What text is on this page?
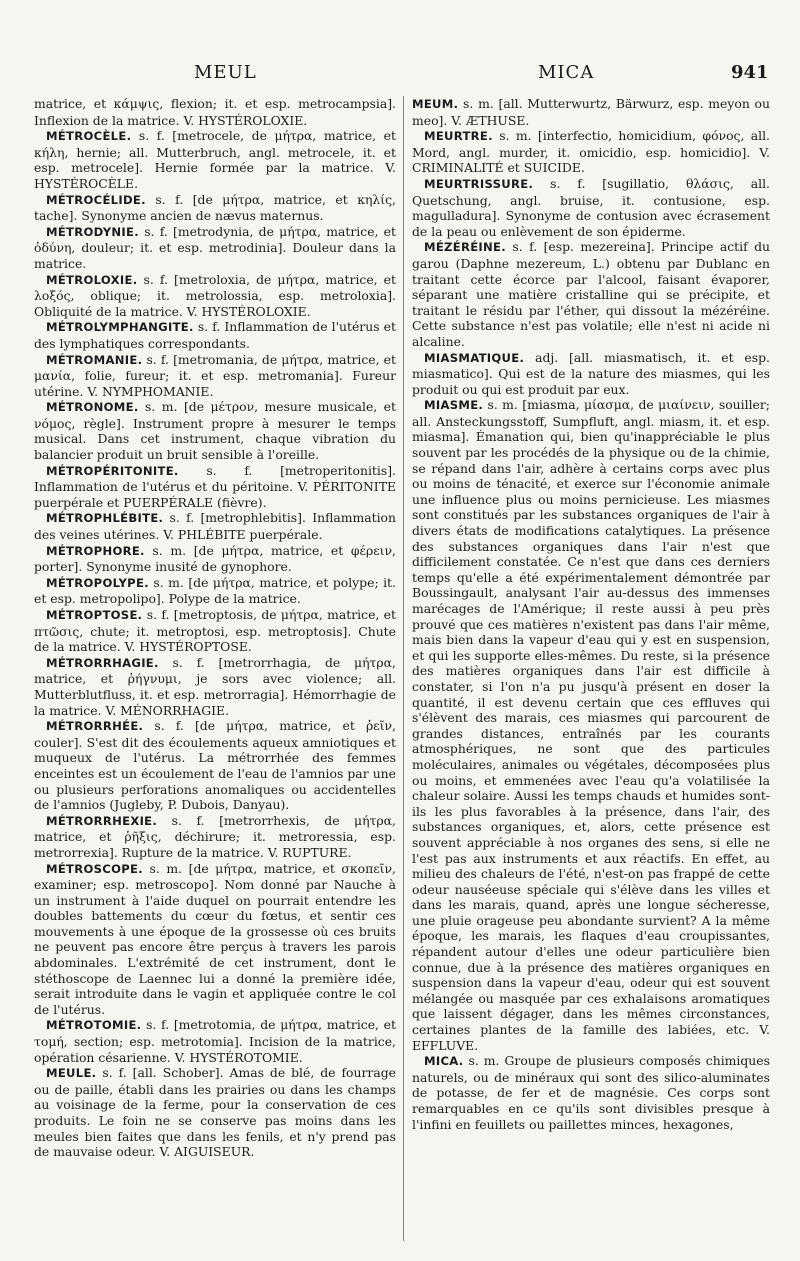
MEUL	MICA	941

matrice, et κάμψις, flexion; it. et esp. metrocampsia]. Inflexion de la matrice. V. HYSTÉROLOXIE.

MÉTROCÈLE. s. f. [metrocele, de μήτρα, matrice, et κήλη, hernie; all. Mutterbruch, angl. metrocele, it. et esp. metrocele]. Hernie formée par la matrice. V. HYSTÉROCÈLE.

MÉTROCÉLIDE. s. f. [de μήτρα, matrice, et κηλίς, tache]. Synonyme ancien de nævus maternus.

MÉTRODYNIE. s. f. [metrodynia, de μήτρα, matrice, et ὀδύνη, douleur; it. et esp. metrodinia]. Douleur dans la matrice.

MÉTROLOXIE. s. f. [metroloxia, de μήτρα, matrice, et λοξός, oblique; it. metrolossia, esp. metroloxia]. Obliquité de la matrice. V. HYSTÉROLOXIE.

MÉTROLYMPHANGITE. s. f. Inflammation de l'utérus et des lymphatiques correspondants.

MÉTROMANIE. s. f. [metromania, de μήτρα, matrice, et μανία, folie, fureur; it. et esp. metromania]. Fureur utérine. V. NYMPHOMANIE.

MÉTRONOME. s. m. [de μέτρον, mesure musicale, et νόμος, règle]. Instrument propre à mesurer le temps musical. Dans cet instrument, chaque vibration du balancier produit un bruit sensible à l'oreille.

MÉTROPÉRITONITE. s. f. [metroperitonitis]. Inflammation de l'utérus et du péritoine. V. PÉRITONITE puerpérale et PUERPÉRALE (fièvre).

MÉTROPHLÉBITE. s. f. [metrophlebitis]. Inflammation des veines utérines. V. PHLÉBITE puerpérale.

MÉTROPHORE. s. m. [de μήτρα, matrice, et φέρειν, porter]. Synonyme inusité de gynophore.

MÉTROPOLYPE. s. m. [de μήτρα, matrice, et polype; it. et esp. metropolipo]. Polype de la matrice.

MÉTROPTOSE. s. f. [metroptosis, de μήτρα, matrice, et πτῶσις, chute; it. metroptosi, esp. metroptosis]. Chute de la matrice. V. HYSTÉROPTOSE.

MÉTRORRHAGIE. s. f. [metrorrhagia, de μήτρα, matrice, et ῥήγνυμι, je sors avec violence; all. Mutterblutfluss, it. et esp. metrorragia]. Hémorrhagie de la matrice. V. MÉNORRHAGIE.

MÉTRORRHÉE. s. f. [de μήτρα, matrice, et ῥεῖν, couler]. S'est dit des écoulements aqueux amniotiques et muqueux de l'utérus. La métrorrhée des femmes enceintes est un écoulement de l'eau de l'amnios par une ou plusieurs perforations anomaliques ou accidentelles de l'amnios (Jugleby, P. Dubois, Danyau).

MÉTRORRHEXIE. s. f. [metrorrhexis, de μήτρα, matrice, et ῥῆξις, déchirure; it. metroressia, esp. metrorrexia]. Rupture de la matrice. V. RUPTURE.

MÉTROSCOPE. s. m. [de μήτρα, matrice, et σκοπεῖν, examiner; esp. metroscopo]. Nom donné par Nauche à un instrument à l'aide duquel on pourrait entendre les doubles battements du cœur du fœtus, et sentir ces mouvements à une époque de la grossesse où ces bruits ne peuvent pas encore être perçus à travers les parois abdominales. L'extrémité de cet instrument, dont le stéthoscope de Laennec lui a donné la première idée, serait introduite dans le vagin et appliquée contre le col de l'utérus.

MÉTROTOMIE. s. f. [metrotomia, de μήτρα, matrice, et τομή, section; esp. metrotomia]. Incision de la matrice, opération césarienne. V. HYSTÉROTOMIE.

MEULE. s. f. [all. Schober]. Amas de blé, de fourrage ou de paille, établi dans les prairies ou dans les champs au voisinage de la ferme, pour la conservation de ces produits. Le foin ne se conserve pas moins dans les meules bien faites que dans les fenils, et n'y prend pas de mauvaise odeur. V. AIGUISEUR.

MEUM. s. m. [all. Mutterwurtz, Bärwurz, esp. meyon ou meo]. V. ÆTHUSE.

MEURTRE. s. m. [interfectio, homicidium, φόνος, all. Mord, angl. murder, it. omicidio, esp. homicidio]. V. CRIMINALITÉ et SUICIDE.

MEURTRISSURE. s. f. [sugillatio, θλάσις, all. Quetschung, angl. bruise, it. contusione, esp. magulladura]. Synonyme de contusion avec écrasement de la peau ou enlèvement de son épiderme.

MÉZÉRÉINE. s. f. [esp. mezereina]. Principe actif du garou (Daphne mezereum, L.) obtenu par Dublanc en traitant cette écorce par l'alcool, faisant évaporer, séparant une matière cristalline qui se précipite, et traitant le résidu par l'éther, qui dissout la mézéréine. Cette substance n'est pas volatile; elle n'est ni acide ni alcaline.

MIASMATIQUE. adj. [all. miasmatisch, it. et esp. miasmatico]. Qui est de la nature des miasmes, qui les produit ou qui est produit par eux.

MIASME. s. m. [miasma, μίασμα, de μιαίνειν, souiller; all. Ansteckungsstoff, Sumpfluft, angl. miasm, it. et esp. miasma]. Émanation qui, bien qu'inappréciable le plus souvent par les procédés de la physique ou de la chimie, se répand dans l'air, adhère à certains corps avec plus ou moins de ténacité, et exerce sur l'économie animale une influence plus ou moins pernicieuse. Les miasmes sont constitués par les substances organiques de l'air à divers états de modifications catalytiques. La présence des substances organiques dans l'air n'est que difficilement constatée. Ce n'est que dans ces derniers temps qu'elle a été expérimentalement démontrée par Boussingault, analysant l'air au-dessus des immenses marécages de l'Amérique; il reste aussi à peu près prouvé que ces matières n'existent pas dans l'air même, mais bien dans la vapeur d'eau qui y est en suspension, et qui les supporte elles-mêmes. Du reste, si la présence des matières organiques dans l'air est difficile à constater, si l'on n'a pu jusqu'à présent en doser la quantité, il est devenu certain que ces effluves qui s'élèvent des marais, ces miasmes qui parcourent de grandes distances, entraînés par les courants atmosphériques, ne sont que des particules moléculaires, animales ou végétales, décomposées plus ou moins, et emmenées avec l'eau qu'a volatilisée la chaleur solaire. Aussi les temps chauds et humides sont-ils les plus favorables à la présence, dans l'air, des substances organiques, et, alors, cette présence est souvent appréciable à nos organes des sens, si elle ne l'est pas aux instruments et aux réactifs. En effet, au milieu des chaleurs de l'été, n'est-on pas frappé de cette odeur nauséeuse spéciale qui s'élève dans les villes et dans les marais, quand, après une longue sécheresse, une pluie orageuse peu abondante survient? A la même époque, les marais, les flaques d'eau croupissantes, répandent autour d'elles une odeur particulière bien connue, due à la présence des matières organiques en suspension dans la vapeur d'eau, odeur qui est souvent mélangée ou masquée par ces exhalaisons aromatiques que laissent dégager, dans les mêmes circonstances, certaines plantes de la famille des labiées, etc. V. EFFLUVE.

MICA. s. m. Groupe de plusieurs composés chimiques naturels, ou de minéraux qui sont des silico-aluminates de potasse, de fer et de magnésie. Ces corps sont remarquables en ce qu'ils sont divisibles presque à l'infini en feuillets ou paillettes minces, hexagones,
